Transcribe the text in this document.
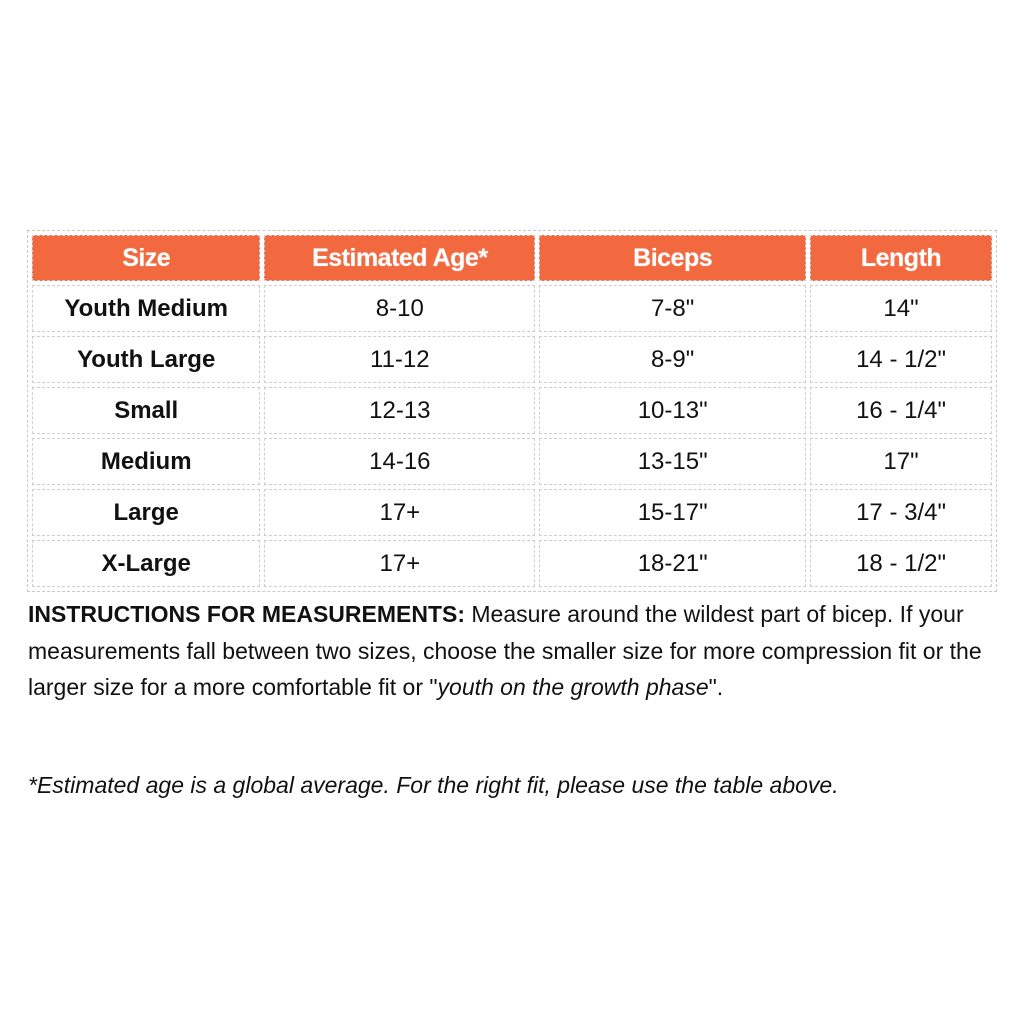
Size	Estimated Age*	Biceps	Length
Youth Medium	8-10	7-8"	14"
Youth Large	11-12	8-9"	14 - 1/2"
Small	12-13	10-13"	16 - 1/4"
Medium	14-16	13-15"	17"
Large	17+	15-17"	17 - 3/4"
X-Large	17+	18-21"	18 - 1/2"

INSTRUCTIONS FOR MEASUREMENTS: Measure around the wildest part of bicep. If your measurements fall between two sizes, choose the smaller size for more compression fit or the larger size for a more comfortable fit or "youth on the growth phase".

*Estimated age is a global average. For the right fit, please use the table above.
